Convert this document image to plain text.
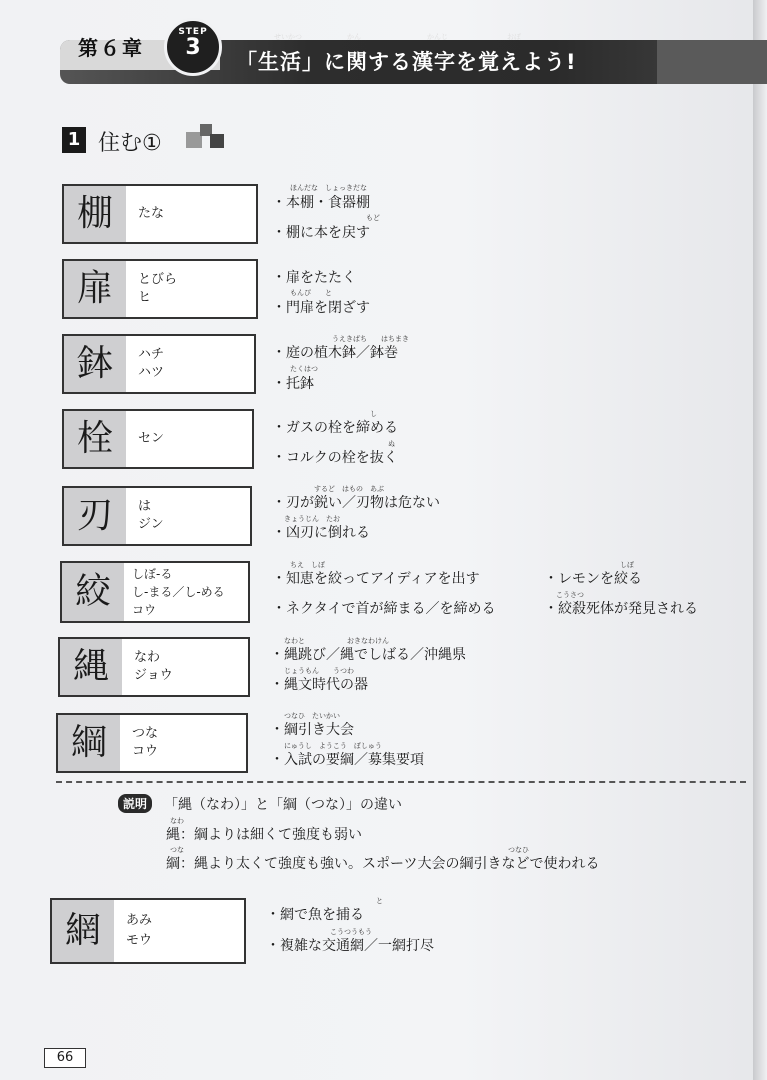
第６章
STEP
3	せいかつ	かん	かんじ	おぼ
「生活」に関する漢字を覚えよう!
1 住む①
棚	たな
ほんだな　しょっきだな
・本棚・食器棚
もど
・棚に本を戻す
扉	とびら
ヒ
・扉をたたく
もんぴ　　と
・門扉を閉ざす
鉢	ハチ
ハツ
うえきばち　　はちまき
・庭の植木鉢／鉢巻
たくはつ
・托鉢
栓	セン
し
・ガスの栓を締める
ぬ
・コルクの栓を抜く
刃	は
ジン
するど　はもの　あぶ
・刃が鋭い／刃物は危ない
きょうじん　たお
・凶刃に倒れる
絞	しぼ-る
し-まる／し-める
コウ
ちえ　しぼ
・知恵を絞ってアイディアを出す
・ネクタイで首が締まる／を締める
しぼ
・レモンを絞る
こうさつ
・絞殺死体が発見される
縄	なわ
ジョウ
なわと　　　　　　おきなわけん
・縄跳び／縄でしばる／沖縄県
じょうもん　　うつわ
・縄文時代の器
綱	つな
コウ
つなひ　たいかい
・綱引き大会
にゅうし　ようこう　ぼしゅう
・入試の要綱／募集要項
説明	「縄（なわ）」と「綱（つな）」の違い
なわ
縄：綱よりは細くて強度も弱い
つな	つなひ
綱：縄より太くて強度も強い。スポーツ大会の綱引きなどで使われる
網	あみ
モウ
と
・網で魚を捕る
こうつうもう
・複雑な交通網／一網打尽
66
